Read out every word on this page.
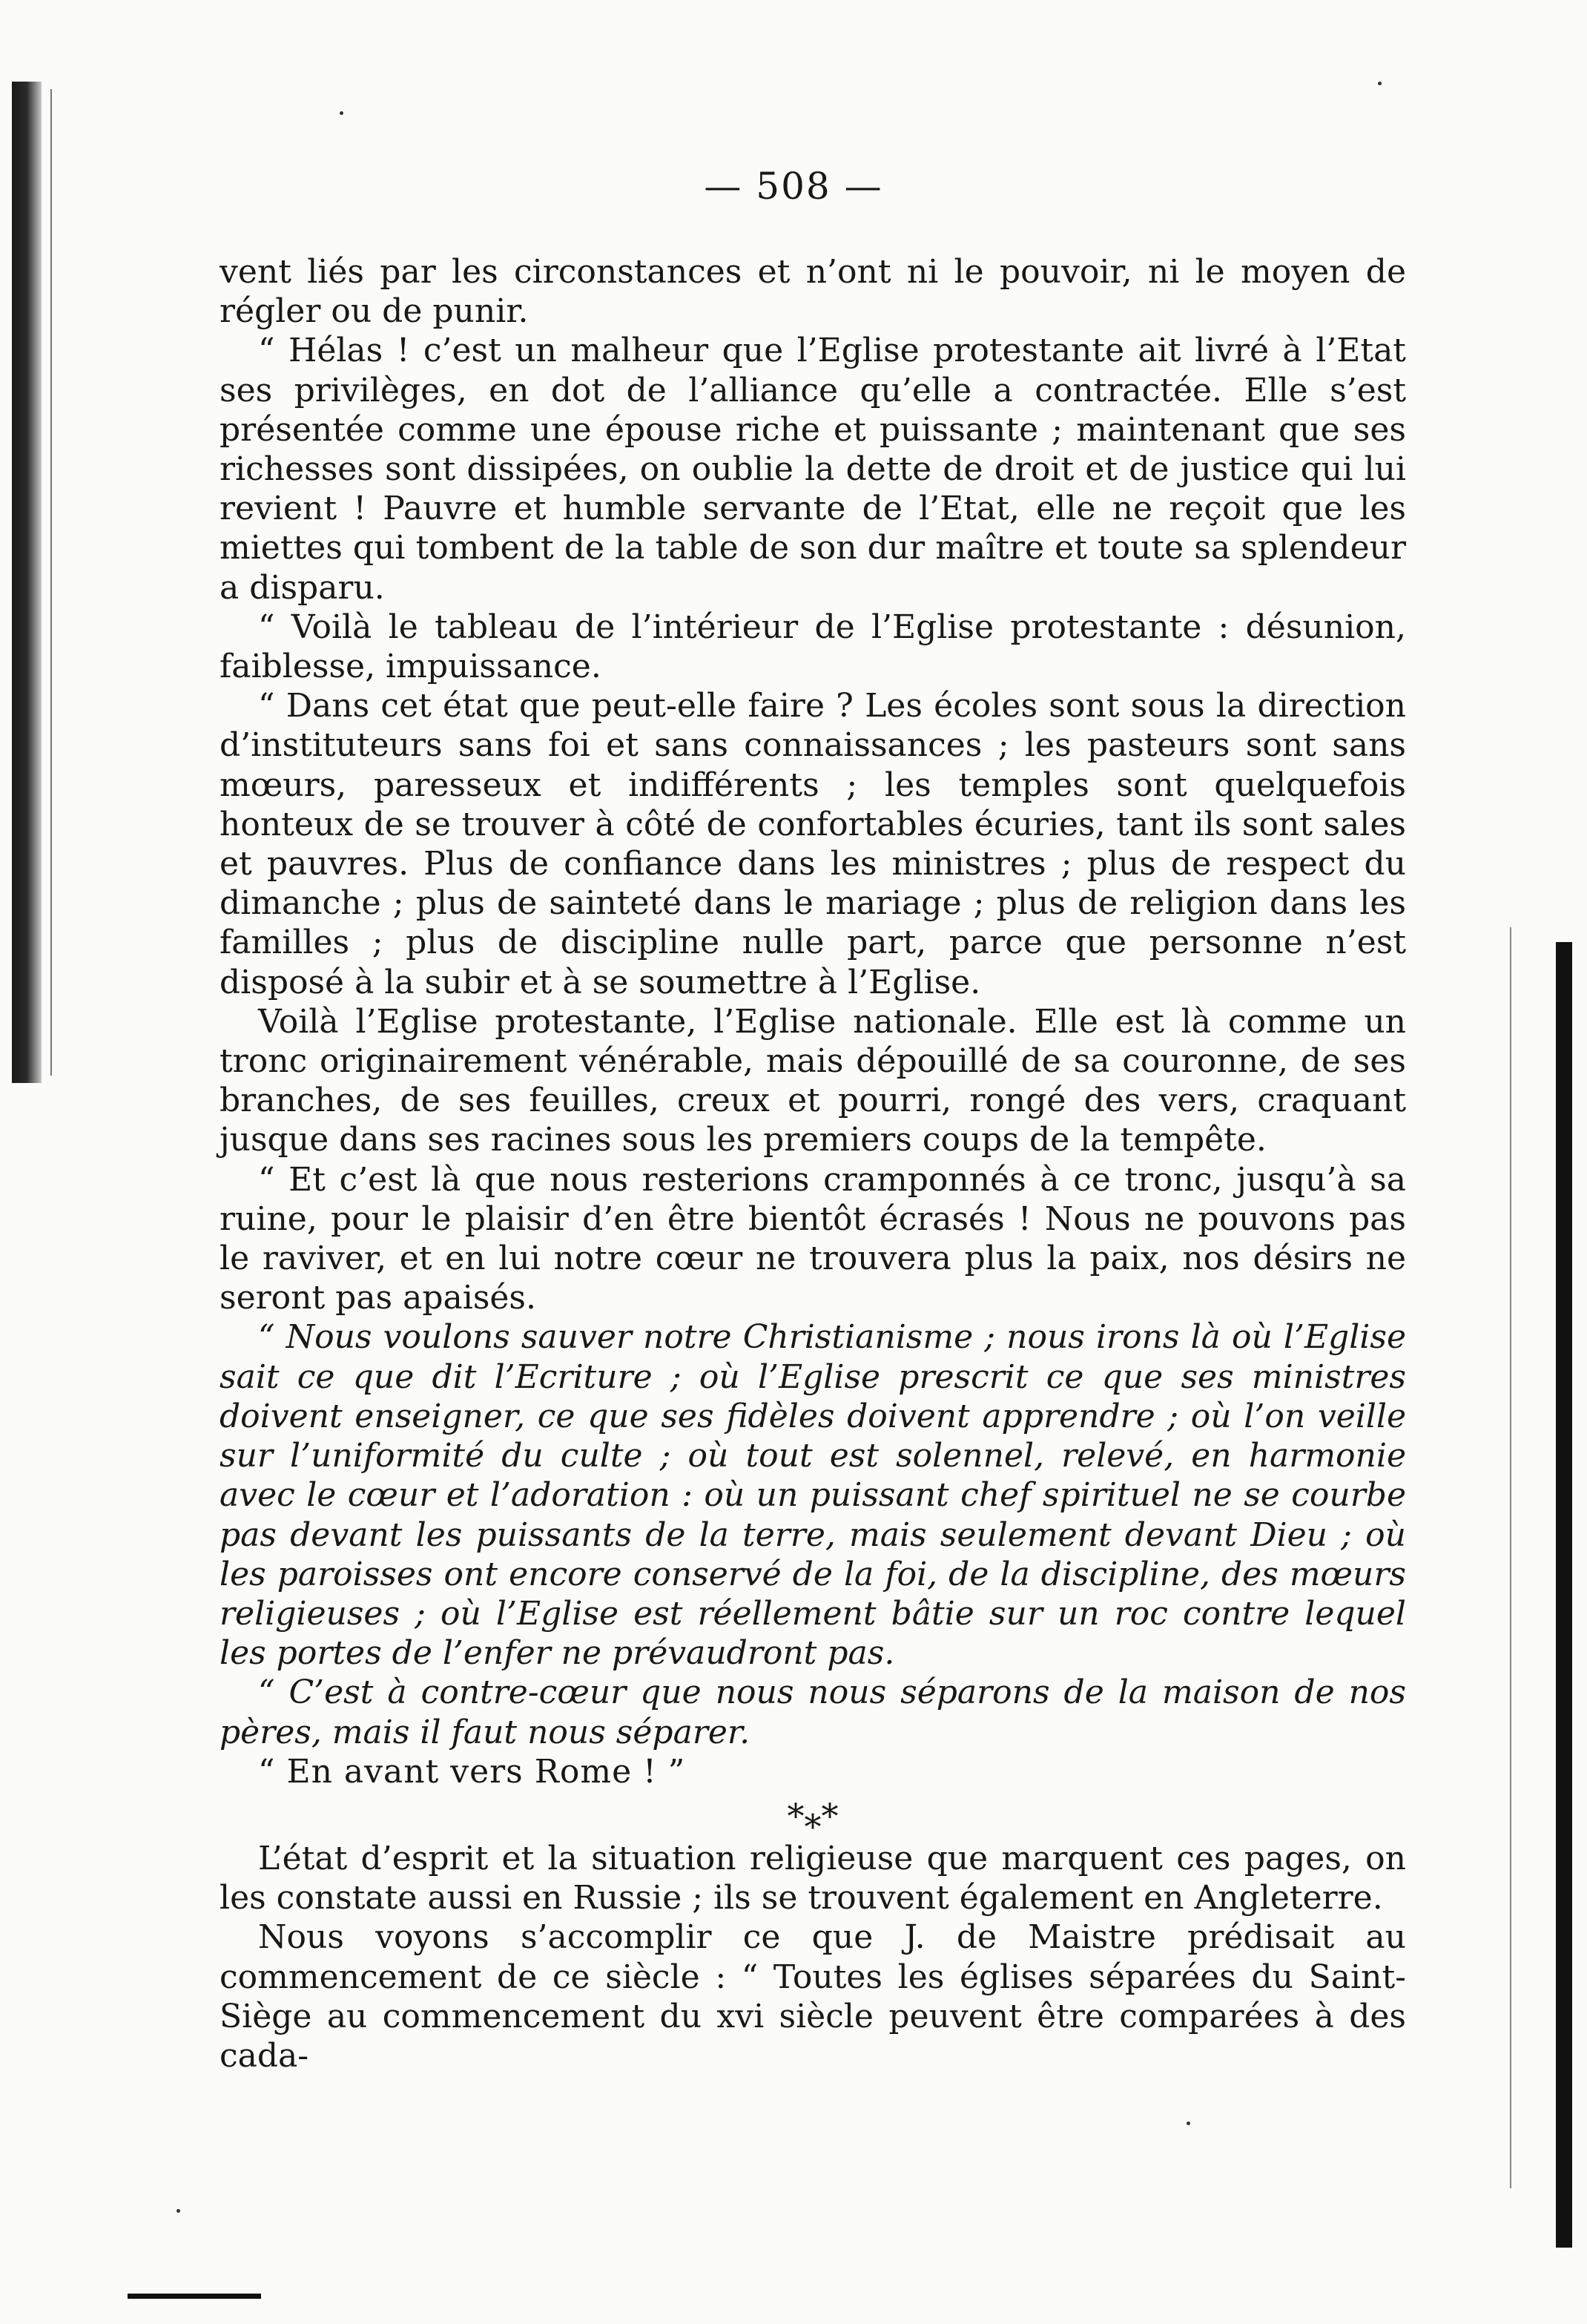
— 508 —

vent liés par les circonstances et n’ont ni le pouvoir, ni le moyen de régler ou de punir.

“ Hélas ! c’est un malheur que l’Eglise protestante ait livré à l’Etat ses privilèges, en dot de l’alliance qu’elle a contractée. Elle s’est présentée comme une épouse riche et puissante ; maintenant que ses richesses sont dissipées, on oublie la dette de droit et de justice qui lui revient ! Pauvre et humble servante de l’Etat, elle ne reçoit que les miettes qui tombent de la table de son dur maître et toute sa splendeur a disparu.

“ Voilà le tableau de l’intérieur de l’Eglise protestante : désunion, faiblesse, impuissance.

“ Dans cet état que peut-elle faire ? Les écoles sont sous la direction d’instituteurs sans foi et sans connaissances ; les pasteurs sont sans mœurs, paresseux et indifférents ; les temples sont quelquefois honteux de se trouver à côté de confortables écuries, tant ils sont sales et pauvres. Plus de confiance dans les ministres ; plus de respect du dimanche ; plus de sainteté dans le mariage ; plus de religion dans les familles ; plus de discipline nulle part, parce que personne n’est disposé à la subir et à se soumettre à l’Eglise.

Voilà l’Eglise protestante, l’Eglise nationale. Elle est là comme un tronc originairement vénérable, mais dépouillé de sa couronne, de ses branches, de ses feuilles, creux et pourri, rongé des vers, craquant jusque dans ses racines sous les premiers coups de la tempête.

“ Et c’est là que nous resterions cramponnés à ce tronc, jusqu’à sa ruine, pour le plaisir d’en être bientôt écrasés ! Nous ne pouvons pas le raviver, et en lui notre cœur ne trouvera plus la paix, nos désirs ne seront pas apaisés.

“ Nous voulons sauver notre Christianisme ; nous irons là où l’Eglise sait ce que dit l’Ecriture ; où l’Eglise prescrit ce que ses ministres doivent enseigner, ce que ses fidèles doivent apprendre ; où l’on veille sur l’uniformité du culte ; où tout est solennel, relevé, en harmonie avec le cœur et l’adoration : où un puissant chef spirituel ne se courbe pas devant les puissants de la terre, mais seulement devant Dieu ; où les paroisses ont encore conservé de la foi, de la discipline, des mœurs religieuses ; où l’Eglise est réellement bâtie sur un roc contre lequel les portes de l’enfer ne prévaudront pas.

“ C’est à contre-cœur que nous nous séparons de la maison de nos pères, mais il faut nous séparer.

“ En avant vers Rome ! ”

*⁎*

L’état d’esprit et la situation religieuse que marquent ces pages, on les constate aussi en Russie ; ils se trouvent également en Angleterre.

Nous voyons s’accomplir ce que J. de Maistre prédisait au commencement de ce siècle : “ Toutes les églises séparées du Saint-Siège au commencement du xvi siècle peuvent être comparées à des cada-
